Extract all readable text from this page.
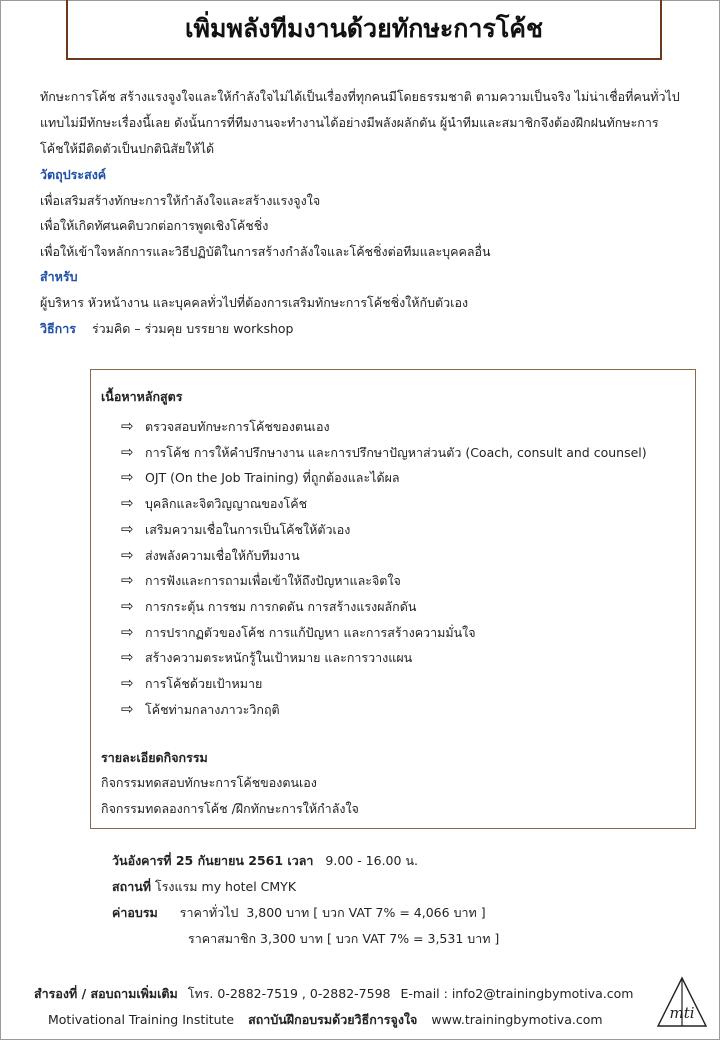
เพิ่มพลังทีมงานด้วยทักษะการโค้ช
ทักษะการโค้ช สร้างแรงจูงใจและให้กำลังใจไม่ได้เป็นเรื่องที่ทุกคนมีโดยธรรมชาติ ตามความเป็นจริง ไม่น่าเชื่อที่คนทั่วไป
แทบไม่มีทักษะเรื่องนี้เลย ดังนั้นการที่ทีมงานจะทำงานได้อย่างมีพลังผลักดัน ผู้นำทีมและสมาชิกจึงต้องฝึกฝนทักษะการ
โค้ชให้มีติดตัวเป็นปกตินิสัยให้ได้
วัตถุประสงค์
เพื่อเสริมสร้างทักษะการให้กำลังใจและสร้างแรงจูงใจ
เพื่อให้เกิดทัศนคติบวกต่อการพูดเชิงโค้ชชิ่ง
เพื่อให้เข้าใจหลักการและวิธีปฏิบัติในการสร้างกำลังใจและโค้ชชิ่งต่อทีมและบุคคลอื่น
สำหรับ
ผู้บริหาร หัวหน้างาน และบุคคลทั่วไปที่ต้องการเสริมทักษะการโค้ชชิ่งให้กับตัวเอง
วิธีการ ร่วมคิด – ร่วมคุย บรรยาย workshop
เนื้อหาหลักสูตร
⇨ ตรวจสอบทักษะการโค้ชของตนเอง
⇨ การโค้ช การให้คำปรึกษางาน และการปรึกษาปัญหาส่วนตัว (Coach, consult and counsel)
⇨ OJT (On the Job Training) ที่ถูกต้องและได้ผล
⇨ บุคลิกและจิตวิญญาณของโค้ช
⇨ เสริมความเชื่อในการเป็นโค้ชให้ตัวเอง
⇨ ส่งพลังความเชื่อให้กับทีมงาน
⇨ การฟังและการถามเพื่อเข้าให้ถึงปัญหาและจิตใจ
⇨ การกระตุ้น การชม การกดดัน การสร้างแรงผลักดัน
⇨ การปรากฏตัวของโค้ช การแก้ปัญหา และการสร้างความมั่นใจ
⇨ สร้างความตระหนักรู้ในเป้าหมาย และการวางแผน
⇨ การโค้ชด้วยเป้าหมาย
⇨ โค้ชท่ามกลางภาวะวิกฤติ
รายละเอียดกิจกรรม
กิจกรรมทดสอบทักษะการโค้ชของตนเอง
กิจกรรมทดลองการโค้ช /ฝึกทักษะการให้กำลังใจ
วันอังคารที่ 25 กันยายน 2561 เวลา 9.00 - 16.00 น.
สถานที่ โรงแรม my hotel CMYK
ค่าอบรม ราคาทั่วไป 3,800 บาท [ บวก VAT 7% = 4,066 บาท ]
ราคาสมาชิก 3,300 บาท [ บวก VAT 7% = 3,531 บาท ]
สำรองที่ / สอบถามเพิ่มเติม โทร. 0-2882-7519 , 0-2882-7598 E-mail : info2@trainingbymotiva.com
Motivational Training Institute สถาบันฝึกอบรมด้วยวิธีการจูงใจ www.trainingbymotiva.com	mti
